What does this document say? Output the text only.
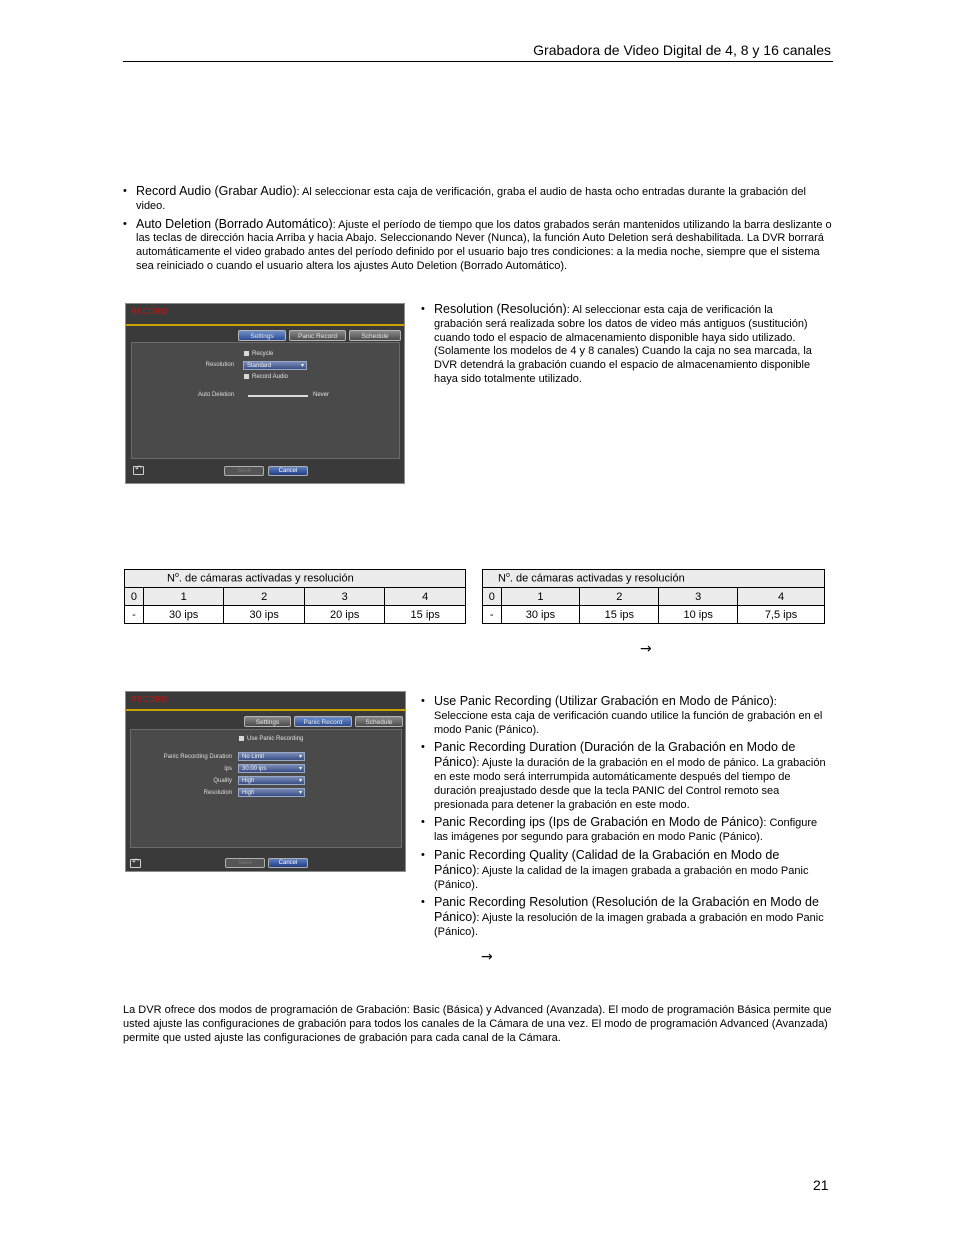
Grabadora de Video Digital de 4, 8 y 16 canales
• Record Audio (Grabar Audio): Al seleccionar esta caja de verificación, graba el audio de hasta ocho entradas durante la grabación del video.
• Auto Deletion (Borrado Automático): Ajuste el período de tiempo que los datos grabados serán mantenidos utilizando la barra deslizante o las teclas de dirección hacia Arriba y hacia Abajo. Seleccionando Never (Nunca), la función Auto Deletion será deshabilitada. La DVR borrará automáticamente el video grabado antes del período definido por el usuario bajo tres condiciones: a la media noche, siempre que el sistema sea reiniciado o cuando el usuario altera los ajustes Auto Deletion (Borrado Automático).
RECORD
Settings	Panic Record	Schedule
Recycle
Resolution	Standard ▾
Record Audio
Auto Deletion	Never
↶
Save	Cancel
• Resolution (Resolución): Al seleccionar esta caja de verificación la grabación será realizada sobre los datos de video más antiguos (sustitución) cuando todo el espacio de almacenamiento disponible haya sido utilizado. (Solamente los modelos de 4 y 8 canales) Cuando la caja no sea marcada, la DVR detendrá la grabación cuando el espacio de almacenamiento disponible haya sido totalmente utilizado.
$N^o$. de cámaras activadas y resolución				
0	1	2	3	4
-	30 ips	30 ips	20 ips	15 ips
$N^o$. de cámaras activadas y resolución				
0	1	2	3	4
-	30 ips	15 ips	10 ips	7,5 ips
→
RECORD
Settings	Panic Record	Schedule
Use Panic Recording
Panic Recording Duration	No Limit ▾
ips	30.00 ips ▾
Quality	High ▾
Resolution	High ▾
↶
Save	Cancel
• Use Panic Recording (Utilizar Grabación en Modo de Pánico): Seleccione esta caja de verificación cuando utilice la función de grabación en el modo Panic (Pánico).
• Panic Recording Duration (Duración de la Grabación en Modo de Pánico): Ajuste la duración de la grabación en el modo de pánico. La grabación en este modo será interrumpida automáticamente después del tiempo de duración preajustado desde que la tecla PANIC del Control remoto sea presionada para detener la grabación en este modo.
• Panic Recording ips (Ips de Grabación en Modo de Pánico): Configure las imágenes por segundo para grabación en modo Panic (Pánico).
• Panic Recording Quality (Calidad de la Grabación en Modo de Pánico): Ajuste la calidad de la imagen grabada a grabación en modo Panic (Pánico).
• Panic Recording Resolution (Resolución de la Grabación en Modo de Pánico): Ajuste la resolución de la imagen grabada a grabación en modo Panic (Pánico).
→

La DVR ofrece dos modos de programación de Grabación: Basic (Básica) y Advanced (Avanzada). El modo de programación Básica permite que usted ajuste las configuraciones de grabación para todos los canales de la Cámara de una vez. El modo de programación Advanced (Avanzada) permite que usted ajuste las configuraciones de grabación para cada canal de la Cámara.

21
